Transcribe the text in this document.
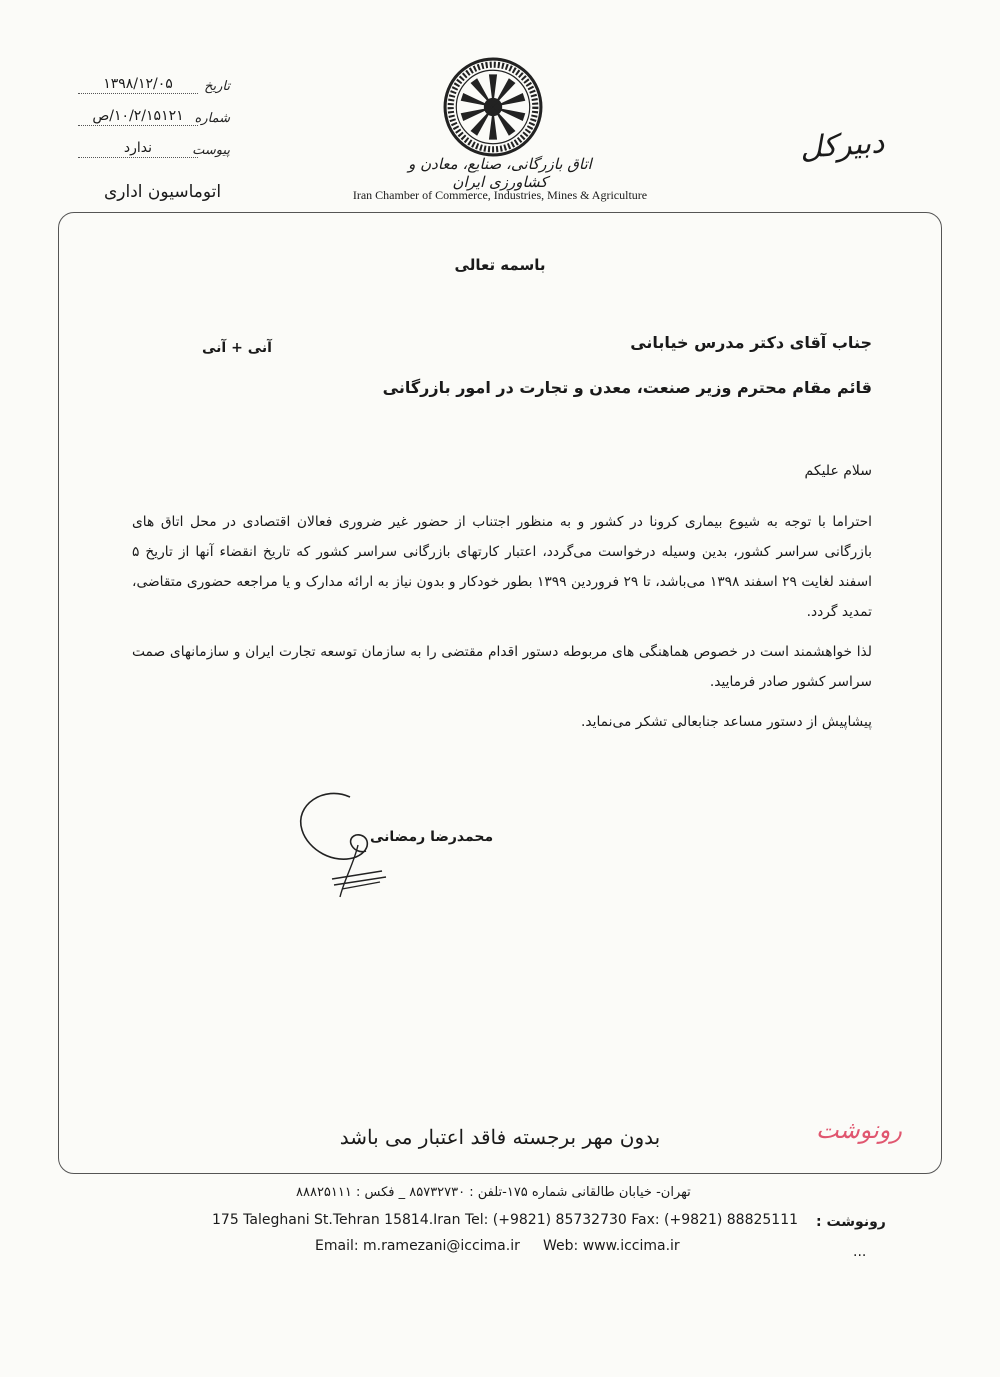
تاریخ
۱۳۹۸/۱۲/۰۵
شماره
۱۰/۲/۱۵۱۲۱/ص
پیوست
ندارد
اتوماسیون اداری
اتاق بازرگانی، صنایع، معادن و کشاورزی ایران
Iran Chamber of Commerce, Industries, Mines & Agriculture
دبیرکل
باسمه تعالی
جناب آقای دکتر مدرس خیابانی
آنی + آنی
قائم مقام محترم وزیر صنعت، معدن و تجارت در امور بازرگانی
سلام علیکم
احتراما با توجه به شیوع بیماری کرونا در کشور و به منظور اجتناب از حضور غیر ضروری فعالان اقتصادی در محل اتاق های بازرگانی سراسر کشور، بدین وسیله درخواست می‌گردد، اعتبار کارتهای بازرگانی سراسر کشور که تاریخ انقضاء آنها از تاریخ ۵ اسفند لغایت ۲۹ اسفند ۱۳۹۸ می‌باشد، تا ۲۹ فروردین ۱۳۹۹ بطور خودکار و بدون نیاز به ارائه مدارک و یا مراجعه حضوری متقاضی، تمدید گردد.
لذا خواهشمند است در خصوص هماهنگی های مربوطه دستور اقدام مقتضی را به سازمان توسعه تجارت ایران و سازمانهای صمت سراسر کشور صادر فرمایید.
پیشاپیش از دستور مساعد جنابعالی تشکر می‌نماید.
محمدرضا رمضانی
بدون مهر برجسته فاقد اعتبار می باشد	رونوشت
تهران- خیابان طالقانی شماره ۱۷۵-تلفن : ۸۵۷۳۲۷۳۰ _ فکس : ۸۸۸۲۵۱۱۱
175 Taleghani St.Tehran 15814.Iran Tel: (+9821) 85732730 Fax: (+9821) 88825111 رونوشت :
Email: m.ramezani@iccima.ir Web: www.iccima.ir	...
